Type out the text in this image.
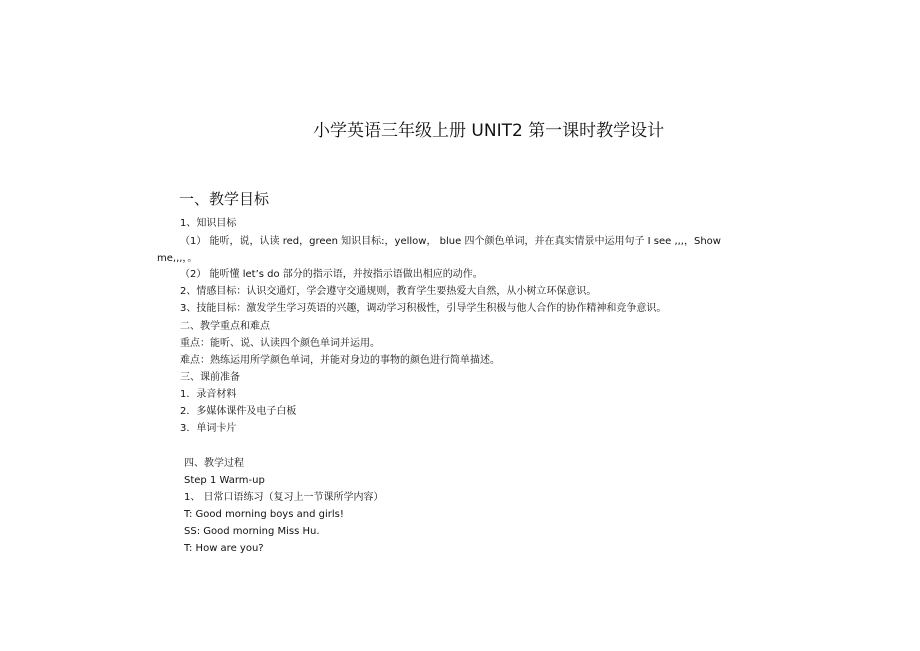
小学英语三年级上册 UNIT2 第一课时教学设计
一、教学目标
1、知识目标
（1） 能听，说，认读 red，green 知识目标:，yellow， blue 四个颜色单词，并在真实情景中运用句子 I see ,,,，Show
me,,,，。
（2） 能听懂 let’s do 部分的指示语，并按指示语做出相应的动作。
2、情感目标：认识交通灯，学会遵守交通规则，教育学生要热爱大自然，从小树立环保意识。
3、技能目标：激发学生学习英语的兴趣，调动学习积极性，引导学生积极与他人合作的协作精神和竞争意识。
二、教学重点和难点
重点：能听、说、认读四个颜色单词并运用。
难点：熟练运用所学颜色单词，并能对身边的事物的颜色进行简单描述。
三、课前准备
1．录音材料
2．多媒体课件及电子白板
3．单词卡片
四、教学过程
Step 1 Warm-up
1、 日常口语练习（复习上一节课所学内容）
T: Good morning boys and girls!
SS: Good morning Miss Hu.
T: How are you?
